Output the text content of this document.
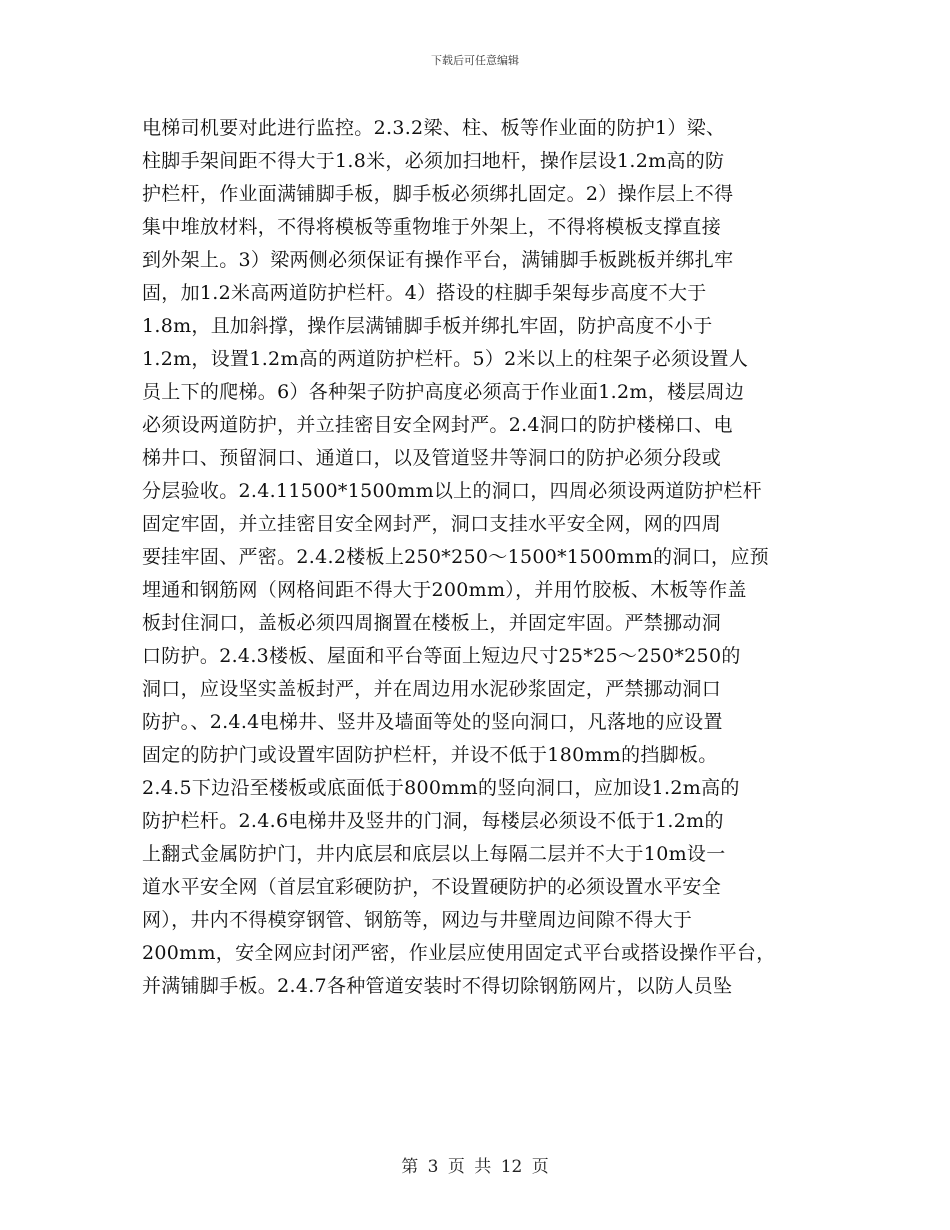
下载后可任意编辑
电梯司机要对此进行监控。2.3.2梁、柱、板等作业面的防护1）梁、
柱脚手架间距不得大于1.8米，必须加扫地杆，操作层设1.2m高的防
护栏杆，作业面满铺脚手板，脚手板必须绑扎固定。2）操作层上不得
集中堆放材料，不得将模板等重物堆于外架上，不得将模板支撑直接
到外架上。3）梁两侧必须保证有操作平台，满铺脚手板跳板并绑扎牢
固，加1.2米高两道防护栏杆。4）搭设的柱脚手架每步高度不大于
1.8m，且加斜撑，操作层满铺脚手板并绑扎牢固，防护高度不小于
1.2m，设置1.2m高的两道防护栏杆。5）2米以上的柱架子必须设置人
员上下的爬梯。6）各种架子防护高度必须高于作业面1.2m，楼层周边
必须设两道防护，并立挂密目安全网封严。2.4洞口的防护楼梯口、电
梯井口、预留洞口、通道口，以及管道竖井等洞口的防护必须分段或
分层验收。2.4.11500*1500mm以上的洞口，四周必须设两道防护栏杆
固定牢固，并立挂密目安全网封严，洞口支挂水平安全网，网的四周
要挂牢固、严密。2.4.2楼板上250*250～1500*1500mm的洞口，应预
埋通和钢筋网（网格间距不得大于200mm），并用竹胶板、木板等作盖
板封住洞口，盖板必须四周搁置在楼板上，并固定牢固。严禁挪动洞
口防护。2.4.3楼板、屋面和平台等面上短边尺寸25*25～250*250的
洞口，应设坚实盖板封严，并在周边用水泥砂浆固定，严禁挪动洞口
防护。、2.4.4电梯井、竖井及墙面等处的竖向洞口，凡落地的应设置
固定的防护门或设置牢固防护栏杆，并设不低于180mm的挡脚板。
2.4.5下边沿至楼板或底面低于800mm的竖向洞口，应加设1.2m高的
防护栏杆。2.4.6电梯井及竖井的门洞，每楼层必须设不低于1.2m的
上翻式金属防护门，井内底层和底层以上每隔二层并不大于10m设一
道水平安全网（首层宜彩硬防护，不设置硬防护的必须设置水平安全
网），井内不得模穿钢管、钢筋等，网边与井壁周边间隙不得大于
200mm，安全网应封闭严密，作业层应使用固定式平台或搭设操作平台，
并满铺脚手板。2.4.7各种管道安装时不得切除钢筋网片，以防人员坠
第 3 页 共 12 页
